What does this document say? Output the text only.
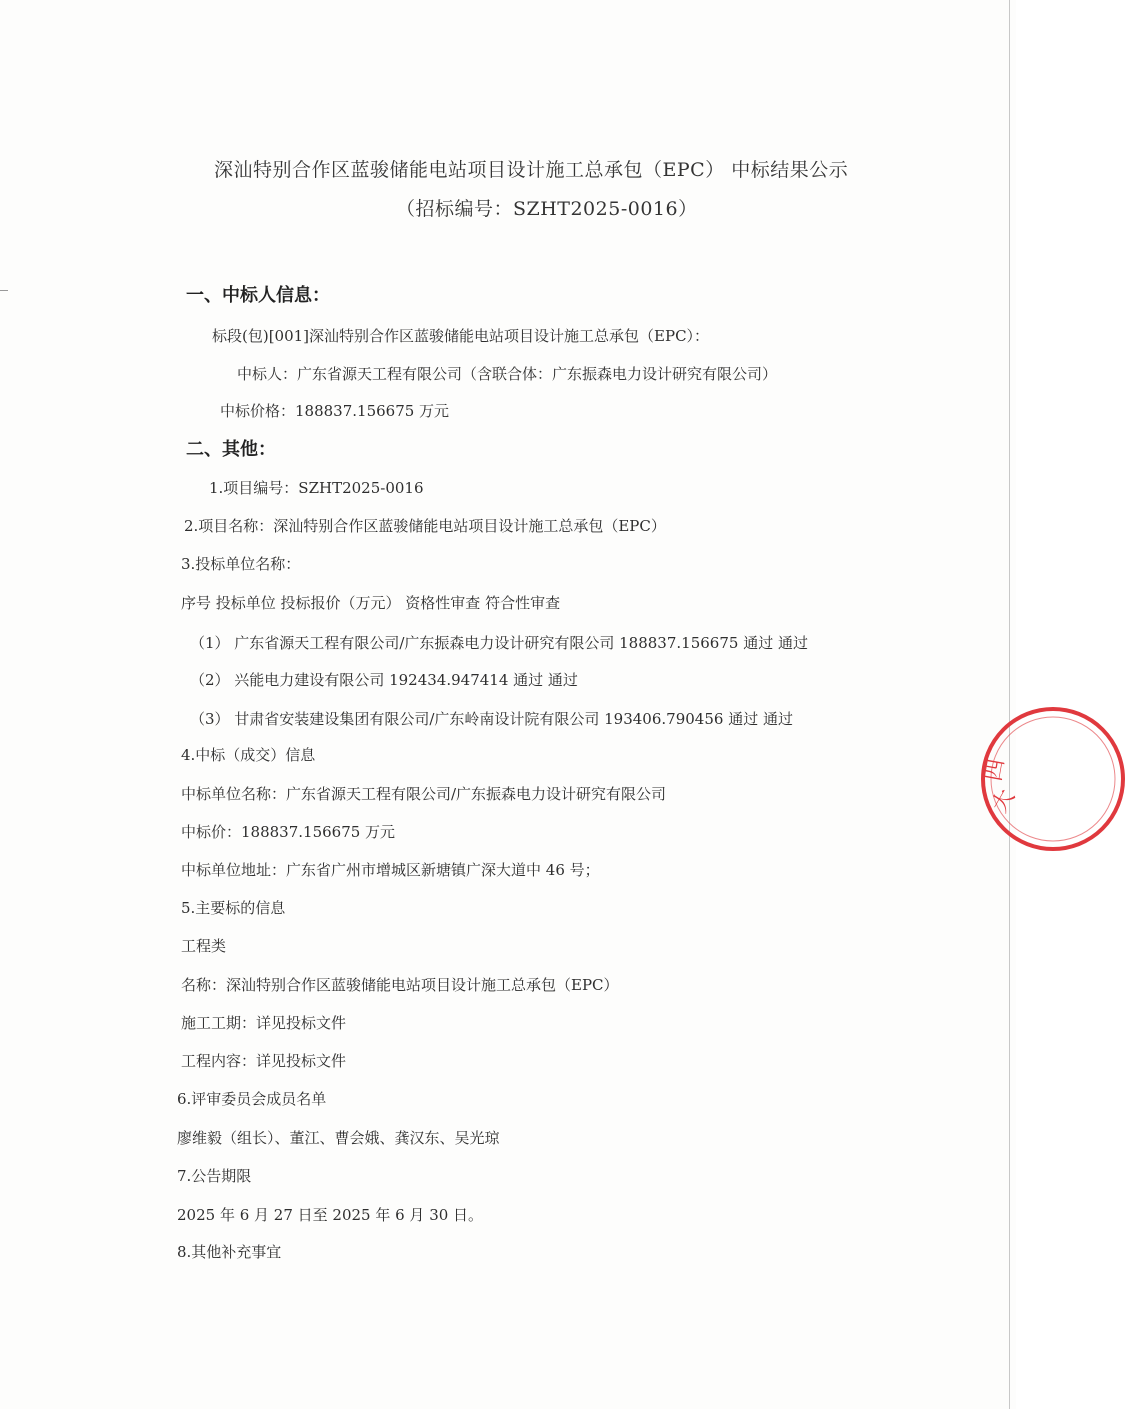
深汕特别合作区蓝骏储能电站项目设计施工总承包（EPC） 中标结果公示
（招标编号：SZHT2025-0016）
一、中标人信息：
标段(包)[001]深汕特别合作区蓝骏储能电站项目设计施工总承包（EPC）：
中标人：广东省源天工程有限公司（含联合体：广东振森电力设计研究有限公司）
中标价格：188837.156675 万元
二、其他：
1.项目编号：SZHT2025-0016
2.项目名称：深汕特别合作区蓝骏储能电站项目设计施工总承包（EPC）
3.投标单位名称：
序号 投标单位 投标报价（万元） 资格性审查 符合性审查
（1） 广东省源天工程有限公司/广东振森电力设计研究有限公司 188837.156675 通过 通过
（2） 兴能电力建设有限公司 192434.947414 通过 通过
（3） 甘肃省安装建设集团有限公司/广东岭南设计院有限公司 193406.790456 通过 通过
4.中标（成交）信息
中标单位名称：广东省源天工程有限公司/广东振森电力设计研究有限公司
中标价：188837.156675 万元
中标单位地址：广东省广州市增城区新塘镇广深大道中 46 号；
5.主要标的信息
工程类
名称：深汕特别合作区蓝骏储能电站项目设计施工总承包（EPC）
施工工期：详见投标文件
工程内容：详见投标文件
6.评审委员会成员名单
廖维毅（组长）、董江、曹会娥、龚汉东、吴光琼
7.公告期限
2025 年 6 月 27 日至 2025 年 6 月 30 日。
8.其他补充事宜
四
大
